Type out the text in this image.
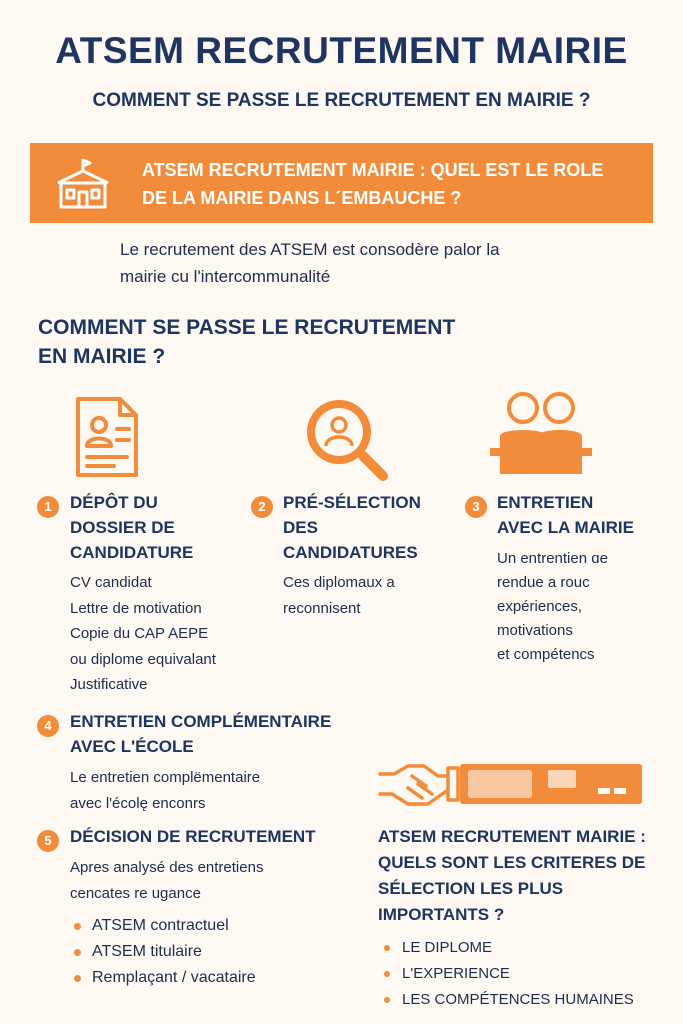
ATSEM RECRUTEMENT MAIRIE
COMMENT SE PASSE LE RECRUTEMENT EN MAIRIE ?
ATSEM RECRUTEMENT MAIRIE : QUEL EST LE ROLE
DE LA MAIRIE DANS L´EMBAUCHE ?
Le recrutement des ATSEM est consodère palor la
mairie cu l'intercommunalité
COMMENT SE PASSE LE RECRUTEMENT
EN MAIRIE ?
1	DÉPÔT DU
DOSSIER DE
CANDIDATURE
CV candidat
Lettre de motivation
Copie du CAP AEPE
ou diplome equivalant
Justificative
2	PRÉ-SÉLECTION
DES
CANDIDATURES
Ces diplomaux a
reconnisent
3	ENTRETIEN
AVEC LA MAIRIE
Un entrentien ɑe
rendue a rouc
expériences,
motivations
et compétencs
4	ENTRETIEN COMPLÉMENTAIRE
AVEC L'ÉCOLE
Le entretien complëmentaire
avec l'écolę enconrs
5	DÉCISION DE RECRUTEMENT
Apres analysé des entretiens
cencates re ugance
ATSEM contractuel
ATSEM titulaire
Remplaçant / vacataire
ATSEM RECRUTEMENT MAIRIE :
QUELS SONT LES CRITERES DE
SÉLECTION LES PLUS
IMPORTANTS ?
LE DIPLOME
L'EXPERIENCE
LES COMPÉTENCES HUMAINES
